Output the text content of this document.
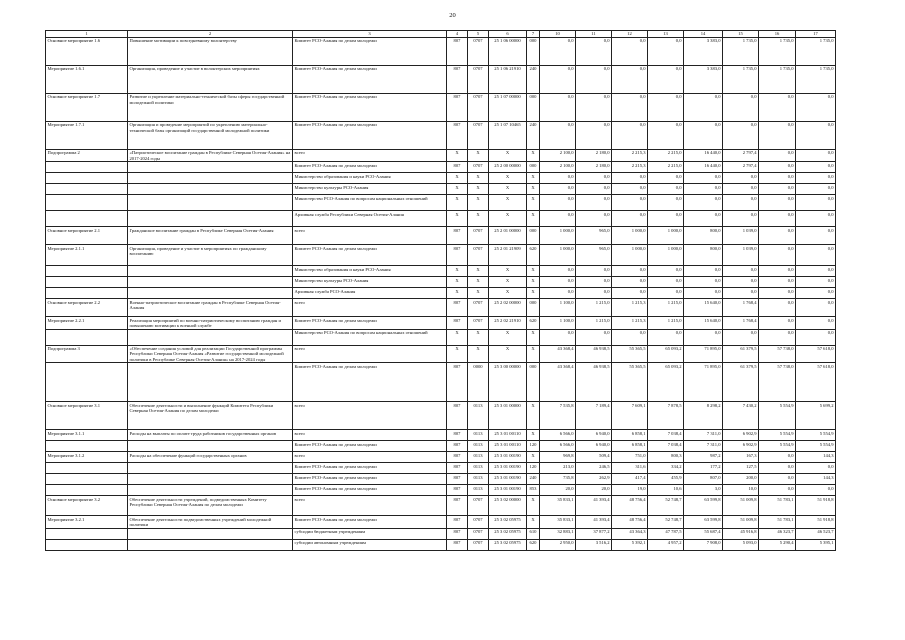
20
1	2	3	4	5	6	7	10	11	12	13	14	15	16	17
Основное мероприятие 1.6	Повышение мотивации к повседневному волонтерству	Комитет РСО-Алания по делам молодежи	807	0707	25 1 06 00000	000	0,0	0,0	0,0	0,0	3 383,0	1 735,0	1 735,0	1 735,0
Мероприятие 1.6.1	Организация, проведение и участие в волонтерских мероприятиях	Комитет РСО-Алания по делам молодежи	807	0707	25 1 06 21910	240	0,0	0,0	0,0	0,0	3 383,0	1 735,0	1 735,0	1 735,0
Основное мероприятие 1.7	Развитие и укрепление материально-технической базы сферы государственной молодежной политики	Комитет РСО-Алания по делам молодежи	807	0707	25 1 07 00000	000	0,0	0,0	0,0	0,0	0,0	0,0	0,0	0,0
Мероприятие 1.7.1	Организация и проведение мероприятий по укреплению материально-технической базы организаций государственной молодежной политики	Комитет РСО-Алания по делам молодежи	807	0707	25 1 07 10465	240	0,0	0,0	0,0	0,0	0,0	0,0	0,0	0,0
Подпрограмма 2	«Патриотическое воспитание граждан в Республике Северная Осетия-Алания» на 2017-2024 годы	всего	X	X	X	X	2 100,0	2 180,0	2 215,3	2 215,0	16 440,0	2 797,4	0,0	0,0
		Комитет РСО-Алания по делам молодежи	807	0707	25 2 00 00000	000	2 100,0	2 180,0	2 215,3	2 215,0	16 440,0	2 797,4	0,0	0,0
		Министерство образования и науки РСО-Алания	X	X	X	X	0,0	0,0	0,0	0,0	0,0	0,0	0,0	0,0
		Министерство культуры РСО-Алания	X	X	X	X	0,0	0,0	0,0	0,0	0,0	0,0	0,0	0,0
		Министерство РСО-Алания по вопросам национальных отношений	X	X	X	X	0,0	0,0	0,0	0,0	0,0	0,0	0,0	0,0
		Архивная служба Республики Северная Осетия-Алания	X	X	X	X	0,0	0,0	0,0	0,0	0,0	0,0	0,0	0,0
Основное мероприятие 2.1	Гражданское воспитание граждан в Республике Северная Осетия-Алания	всего	807	0707	25 2 01 00000	000	1 000,0	965,0	1 000,0	1 000,0	800,0	1 039,0	0,0	0,0
Мероприятие 2.1.1	Организация, проведение и участие в мероприятиях по гражданскому воспитанию	Комитет РСО-Алания по делам молодежи	807	0707	25 2 01 21909	620	1 000,0	965,0	1 000,0	1 000,0	800,0	1 039,0	0,0	0,0
		Министерство образования и науки РСО-Алания	X	X	X	X	0,0	0,0	0,0	0,0	0,0	0,0	0,0	0,0
		Министерство культуры РСО-Алания	X	X	X	X	0,0	0,0	0,0	0,0	0,0	0,0	0,0	0,0
		Архивная служба РСО-Алания	X	X	X	X	0,0	0,0	0,0	0,0	0,0	0,0	0,0	0,0
Основное мероприятие 2.2	Военно-патриотическое воспитание граждан в Республике Северная Осетия-Алания	всего	807	0707	25 2 02 00000	000	1 100,0	1 215,0	1 215,3	1 215,0	15 640,0	1 768,4	0,0	0,0
Мероприятие 2.2.1	Реализация мероприятий по военно-патриотическому воспитанию граждан и повышению мотивации к военной службе	Комитет РСО-Алания по делам молодежи	807	0707	25 2 02 21910	620	1 100,0	1 215,0	1 215,3	1 215,0	15 640,0	1 768,4	0,0	0,0
		Министерство РСО-Алания по вопросам национальных отношений	X	X	X	X	0,0	0,0	0,0	0,0	0,0	0,0	0,0	0,0
Подпрограмма 3	«Обеспечение создания условий для реализации Государственной программы Республики Северная Осетия-Алания «Развитие государственной молодежной политики в Республике Северная Осетия-Алания» на 2017-2024 годы	всего	X	X	X	X	43 368,4	46 938,5	55 365,5	65 093,2	71 895,0	61 379,5	57 738,0	57 618,0
		Комитет РСО-Алания по делам молодежи	807	0000	25 3 00 00000	000	43 368,4	46 938,5	55 365,5	65 093,2	71 895,0	61 379,5	57 738,0	57 618,0
Основное мероприятие 3.1	Обеспечение деятельности и выполнение функций Комитета Республики Северная Осетия-Алания по делам молодежи	всего	807	0113	25 3 01 00000	X	7 535,8	7 189,4	7 609,1	7 878,5	8 298,2	7 430,2	5 554,9	5 699,2
Мероприятие 3.1.1	Расходы на выплаты по оплате труда работников государственных органов	всего	807	0113	25 3 01 00110	X	6 566,0	6 940,0	6 858,1	7 038,4	7 311,0	6 902,9	5 554,9	5 554,9
		Комитет РСО-Алания по делам молодежи	807	0113	25 3 01 00110	120	6 566,0	6 940,0	6 858,1	7 038,4	7 311,0	6 902,9	5 554,9	5 554,9
Мероприятие 3.1.2	Расходы на обеспечение функций государственных органов	всего	807	0113	25 3 01 00190	X	969,8	509,4	751,0	800,3	987,2	167,3	0,0	144,3
		Комитет РСО-Алания по делам молодежи	807	0113	25 3 01 00190	120	213,0	246,5	311,6	334,2	177,2	127,5	0,0	0,0
		Комитет РСО-Алания по делам молодежи	807	0113	25 3 01 00190	240	735,8	262,9	417,4	455,9	807,0	200,0	0,0	144,3
		Комитет РСО-Алания по делам молодежи	807	0113	25 3 01 00190	853	20,0	20,0	19,0	10,6	3,0	10,0	0,0	0,0
Основное мероприятие 3.2	Обеспечение деятельности учреждений, подведомственных Комитету Республики Северная Осетия-Алания по делам молодежи	всего	807	0707	25 3 02 00000	X	35 833,1	41 393,4	48 756,4	52 748,7	63 599,8	51 009,8	51 783,1	51 918,8
Мероприятие 3.2.1	Обеспечение деятельности подведомственных учреждений молодежной политики	Комитет РСО-Алания по делам молодежи	807	0707	25 3 02 05975	X	35 833,1	41 393,4	48 756,4	52 748,7	63 599,8	51 009,8	51 783,1	51 918,8
		субсидии бюджетным учреждениям	807	0707	25 3 02 05975	610	32 883,1	37 877,2	43 364,3	47 787,5	55 687,4	45 916,8	46 323,7	46 523,7
		субсидии автономным учреждениям	807	0707	25 3 02 05975	620	2 950,0	3 516,2	5 392,1	4 957,2	7 908,0	5 093,0	5 290,4	5 395,1
